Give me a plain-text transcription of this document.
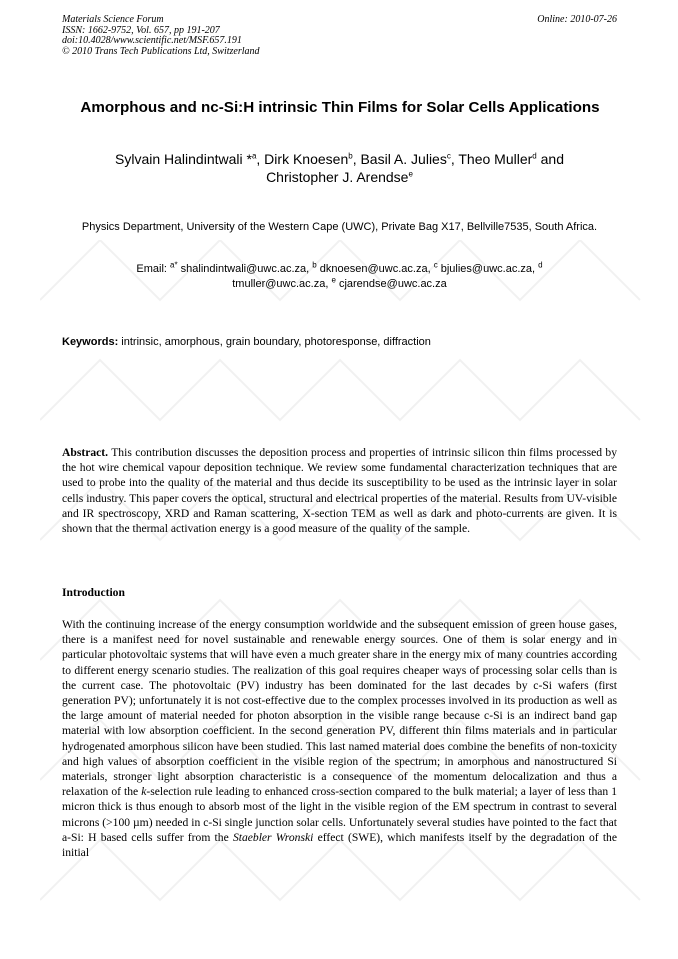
Materials Science Forum
ISSN: 1662-9752, Vol. 657, pp 191-207
doi:10.4028/www.scientific.net/MSF.657.191
© 2010 Trans Tech Publications Ltd, Switzerland
Online: 2010-07-26
Amorphous and nc-Si:H intrinsic Thin Films for Solar Cells Applications
Sylvain Halindintwali *$^a$, Dirk Knoesen$^b$, Basil A. Julies$^c$, Theo Muller$^d$ and
Christopher J. Arendse$^e$
Physics Department, University of the Western Cape (UWC), Private Bag X17, Bellville7535, South Africa.
Email: $^{a*}$ shalindintwali@uwc.ac.za, $^b$ dknoesen@uwc.ac.za, $^c$ bjulies@uwc.ac.za, $^d$
tmuller@uwc.ac.za, $^e$ cjarendse@uwc.ac.za
Keywords: intrinsic, amorphous, grain boundary, photoresponse, diffraction
Abstract. This contribution discusses the deposition process and properties of intrinsic silicon thin films processed by the hot wire chemical vapour deposition technique. We review some fundamental characterization techniques that are used to probe into the quality of the material and thus decide its susceptibility to be used as the intrinsic layer in solar cells industry. This paper covers the optical, structural and electrical properties of the material. Results from UV-visible and IR spectroscopy, XRD and Raman scattering, X-section TEM as well as dark and photo-currents are given. It is shown that the thermal activation energy is a good measure of the quality of the sample.
Introduction

With the continuing increase of the energy consumption worldwide and the subsequent emission of green house gases, there is a manifest need for novel sustainable and renewable energy sources. One of them is solar energy and in particular photovoltaic systems that will have even a much greater share in the energy mix of many countries according to different energy scenario studies. The realization of this goal requires cheaper ways of processing solar cells than is the current case. The photovoltaic (PV) industry has been dominated for the last decades by c-Si wafers (first generation PV); unfortunately it is not cost-effective due to the complex processes involved in its production as well as the large amount of material needed for photon absorption in the visible range because c-Si is an indirect band gap material with low absorption coefficient. In the second generation PV, different thin films materials and in particular hydrogenated amorphous silicon have been studied. This last named material does combine the benefits of non-toxicity and high values of absorption coefficient in the visible region of the spectrum; in amorphous and nanostructured Si materials, stronger light absorption characteristic is a consequence of the momentum delocalization and thus a relaxation of the k-selection rule leading to enhanced cross-section compared to the bulk material; a layer of less than 1 micron thick is thus enough to absorb most of the light in the visible region of the EM spectrum in contrast to several microns (>100 µm) needed in c-Si single junction solar cells. Unfortunately several studies have pointed to the fact that a-Si: H based cells suffer from the Staebler Wronski effect (SWE), which manifests itself by the degradation of the initial
